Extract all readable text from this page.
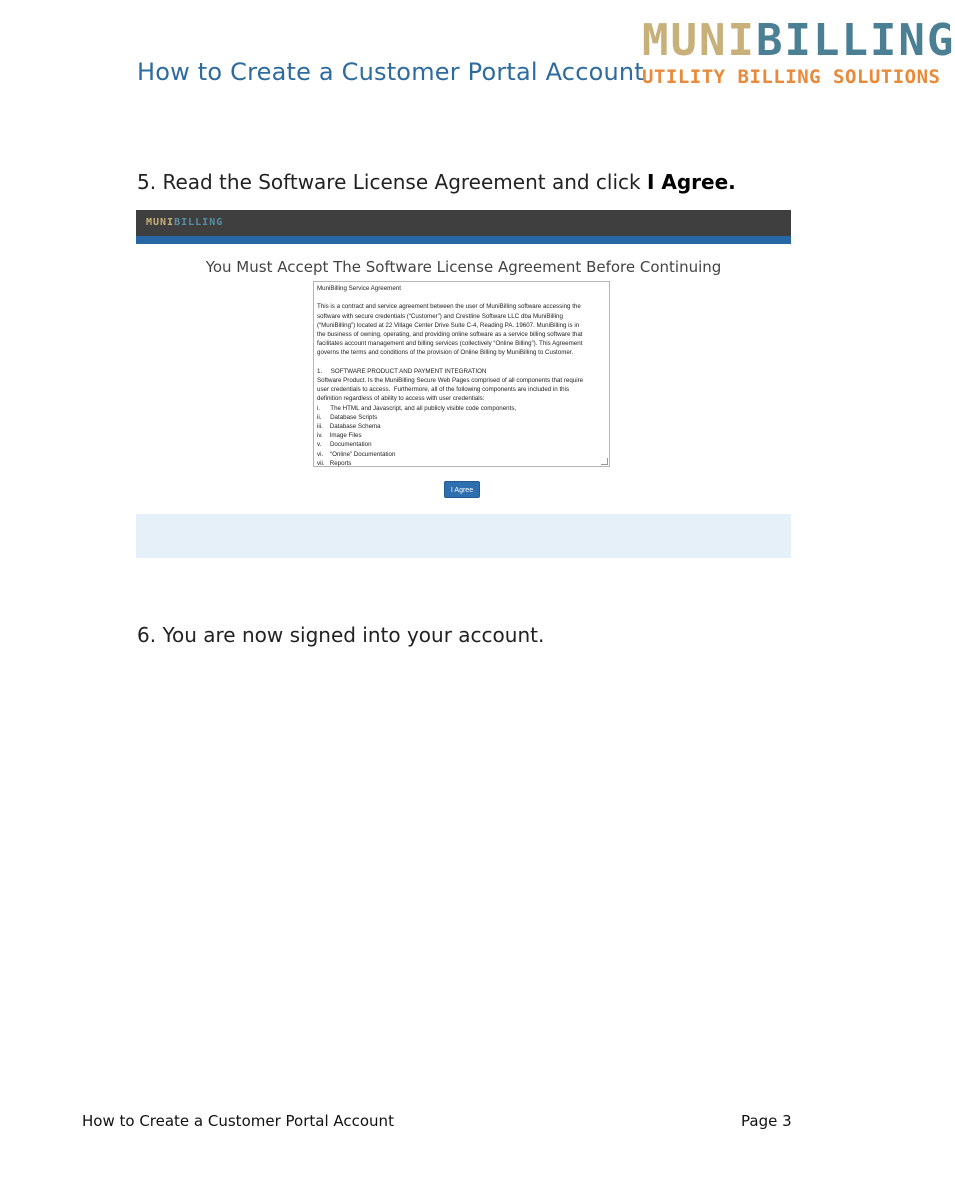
How to Create a Customer Portal Account
MUNIBILLING
UTILITY BILLING SOLUTIONS
5. Read the Software License Agreement and click I Agree.
MUNIBILLING
You Must Accept The Software License Agreement Before Continuing

MuniBilling Service Agreement

This is a contract and service agreement between the user of MuniBilling software accessing the

software with secure credentials (“Customer”) and Crestline Software LLC dba MuniBilling

(“MuniBilling”) located at 22 Village Center Drive Suite C-4, Reading PA. 19607. MuniBilling is in

the business of owning, operating, and providing online software as a service billing software that

facilitates account management and billing services (collectively “Online Billing”). This Agreement

governs the terms and conditions of the provision of Online Billing by MuniBilling to Customer.

1.     SOFTWARE PRODUCT AND PAYMENT INTEGRATION

Software Product. Is the MuniBilling Secure Web Pages comprised of all components that require

user credentials to access.  Furthermore, all of the following components are included in this

definition regardless of ability to access with user credentials:

i.      The HTML and Javascript, and all publicly visible code components,

ii.     Database Scripts

iii.    Database Schema

iv.    Image Files

v.     Documentation

vi.    “Online” Documentation

vii.   Reports

I Agree
6. You are now signed into your account.
How to Create a Customer Portal Account	Page 3
